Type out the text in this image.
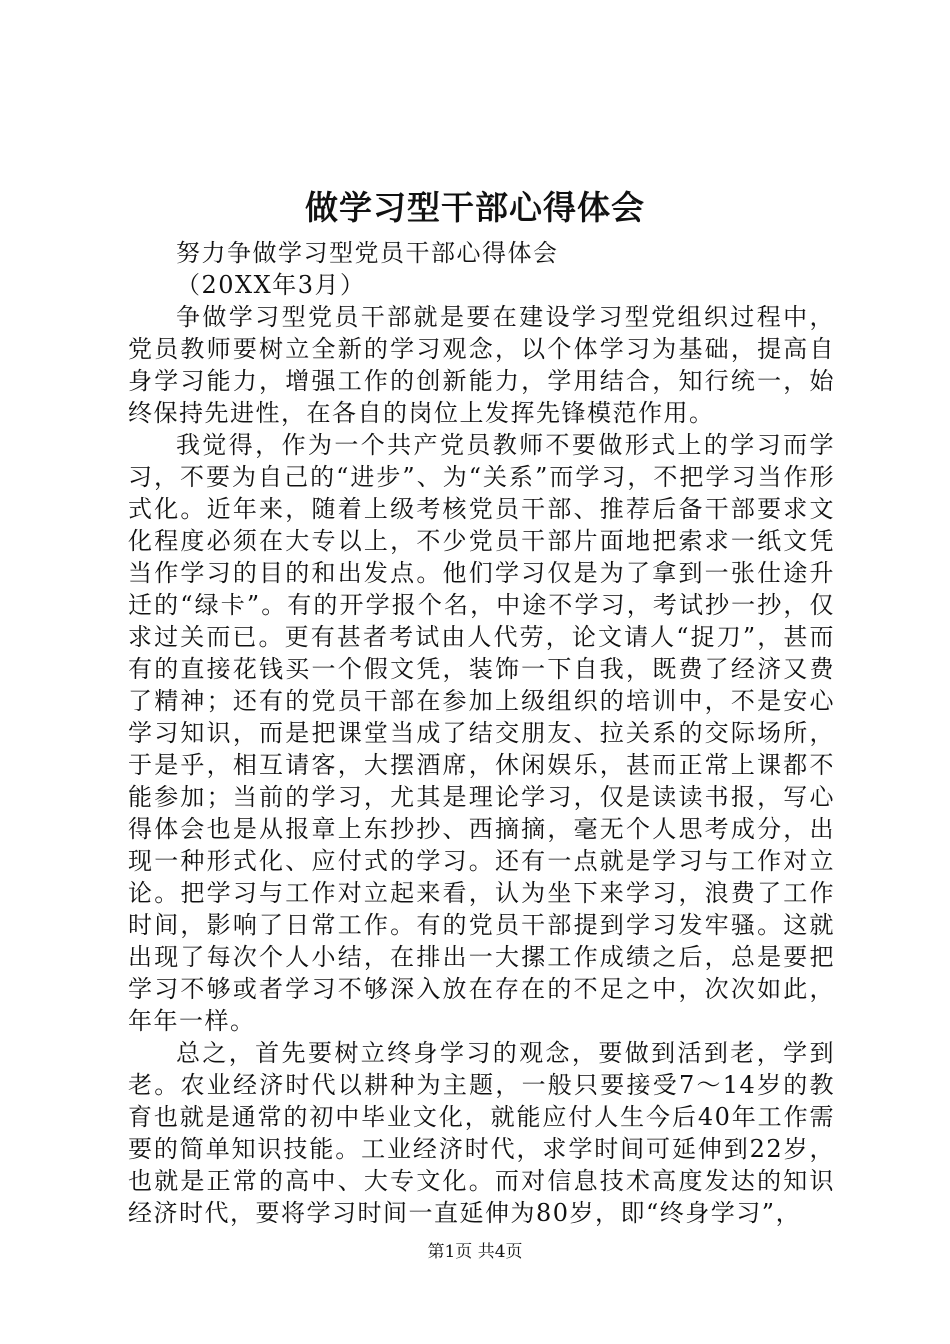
做学习型干部心得体会

努力争做学习型党员干部心得体会

（20XX年3月）

争做学习型党员干部就是要在建设学习型党组织过程中，党员教师要树立全新的学习观念，以个体学习为基础，提高自身学习能力，增强工作的创新能力，学用结合，知行统一，始终保持先进性，在各自的岗位上发挥先锋模范作用。

我觉得，作为一个共产党员教师不要做形式上的学习而学习，不要为自己的“进步”、为“关系”而学习，不把学习当作形式化。近年来，随着上级考核党员干部、推荐后备干部要求文化程度必须在大专以上，不少党员干部片面地把索求一纸文凭当作学习的目的和出发点。他们学习仅是为了拿到一张仕途升迁的“绿卡”。有的开学报个名，中途不学习，考试抄一抄，仅求过关而已。更有甚者考试由人代劳，论文请人“捉刀”，甚而有的直接花钱买一个假文凭，装饰一下自我，既费了经济又费了精神；还有的党员干部在参加上级组织的培训中，不是安心学习知识，而是把课堂当成了结交朋友、拉关系的交际场所，于是乎，相互请客，大摆酒席，休闲娱乐，甚而正常上课都不能参加；当前的学习，尤其是理论学习，仅是读读书报，写心得体会也是从报章上东抄抄、西摘摘，毫无个人思考成分，出现一种形式化、应付式的学习。还有一点就是学习与工作对立论。把学习与工作对立起来看，认为坐下来学习，浪费了工作时间，影响了日常工作。有的党员干部提到学习发牢骚。这就出现了每次个人小结，在排出一大摞工作成绩之后，总是要把学习不够或者学习不够深入放在存在的不足之中，次次如此，年年一样。

总之，首先要树立终身学习的观念，要做到活到老，学到老。农业经济时代以耕种为主题，一般只要接受7～14岁的教育也就是通常的初中毕业文化，就能应付人生今后40年工作需要的简单知识技能。工业经济时代，求学时间可延伸到22岁，也就是正常的高中、大专文化。而对信息技术高度发达的知识经济时代，要将学习时间一直延伸为80岁，即“终身学习”，

第1页 共4页
